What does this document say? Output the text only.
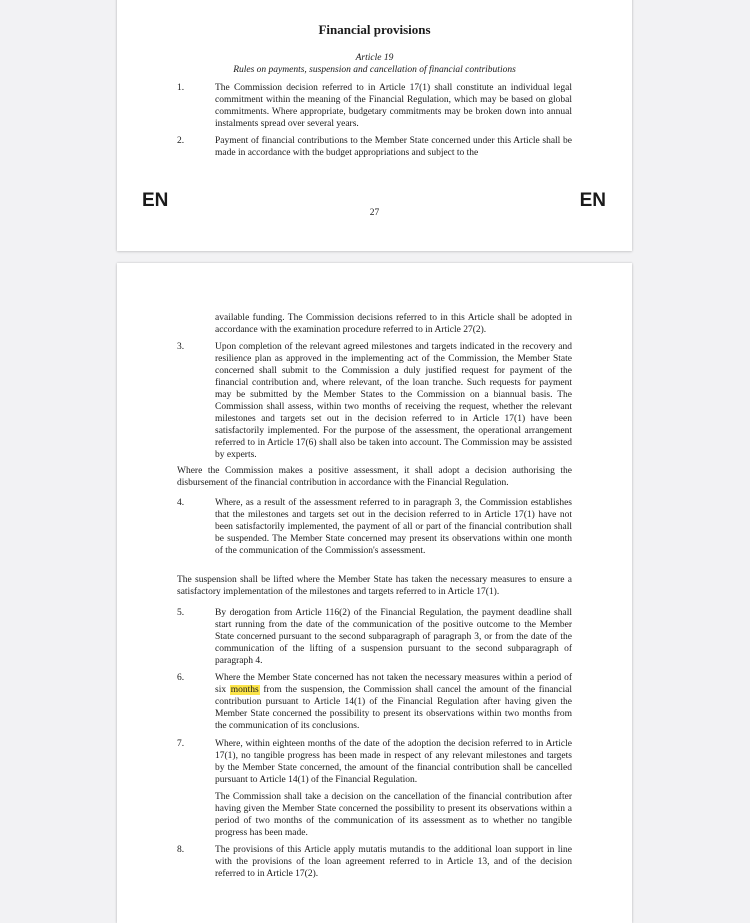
Financial provisions
Article 19
Rules on payments, suspension and cancellation of financial contributions
1.	The Commission decision referred to in Article 17(1) shall constitute an individual legal commitment within the meaning of the Financial Regulation, which may be based on global commitments. Where appropriate, budgetary commitments may be broken down into annual instalments spread over several years.
2.	Payment of financial contributions to the Member State concerned under this Article shall be made in accordance with the budget appropriations and subject to the
EN
27
EN
available funding. The Commission decisions referred to in this Article shall be adopted in accordance with the examination procedure referred to in Article 27(2).
3.	Upon completion of the relevant agreed milestones and targets indicated in the recovery and resilience plan as approved in the implementing act of the Commission, the Member State concerned shall submit to the Commission a duly justified request for payment of the financial contribution and, where relevant, of the loan tranche. Such requests for payment may be submitted by the Member States to the Commission on a biannual basis. The Commission shall assess, within two months of receiving the request, whether the relevant milestones and targets set out in the decision referred to in Article 17(1) have been satisfactorily implemented. For the purpose of the assessment, the operational arrangement referred to in Article 17(6) shall also be taken into account. The Commission may be assisted by experts.
Where the Commission makes a positive assessment, it shall adopt a decision authorising the disbursement of the financial contribution in accordance with the Financial Regulation.
4.	Where, as a result of the assessment referred to in paragraph 3, the Commission establishes that the milestones and targets set out in the decision referred to in Article 17(1) have not been satisfactorily implemented, the payment of all or part of the financial contribution shall be suspended. The Member State concerned may present its observations within one month of the communication of the Commission's assessment.
The suspension shall be lifted where the Member State has taken the necessary measures to ensure a satisfactory implementation of the milestones and targets referred to in Article 17(1).
5.	By derogation from Article 116(2) of the Financial Regulation, the payment deadline shall start running from the date of the communication of the positive outcome to the Member State concerned pursuant to the second subparagraph of paragraph 3, or from the date of the communication of the lifting of a suspension pursuant to the second subparagraph of paragraph 4.
6.	Where the Member State concerned has not taken the necessary measures within a period of six months from the suspension, the Commission shall cancel the amount of the financial contribution pursuant to Article 14(1) of the Financial Regulation after having given the Member State concerned the possibility to present its observations within two months from the communication of its conclusions.
7.	Where, within eighteen months of the date of the adoption the decision referred to in Article 17(1), no tangible progress has been made in respect of any relevant milestones and targets by the Member State concerned, the amount of the financial contribution shall be cancelled pursuant to Article 14(1) of the Financial Regulation.
The Commission shall take a decision on the cancellation of the financial contribution after having given the Member State concerned the possibility to present its observations within a period of two months of the communication of its assessment as to whether no tangible progress has been made.
8.	The provisions of this Article apply mutatis mutandis to the additional loan support in line with the provisions of the loan agreement referred to in Article 13, and of the decision referred to in Article 17(2).
